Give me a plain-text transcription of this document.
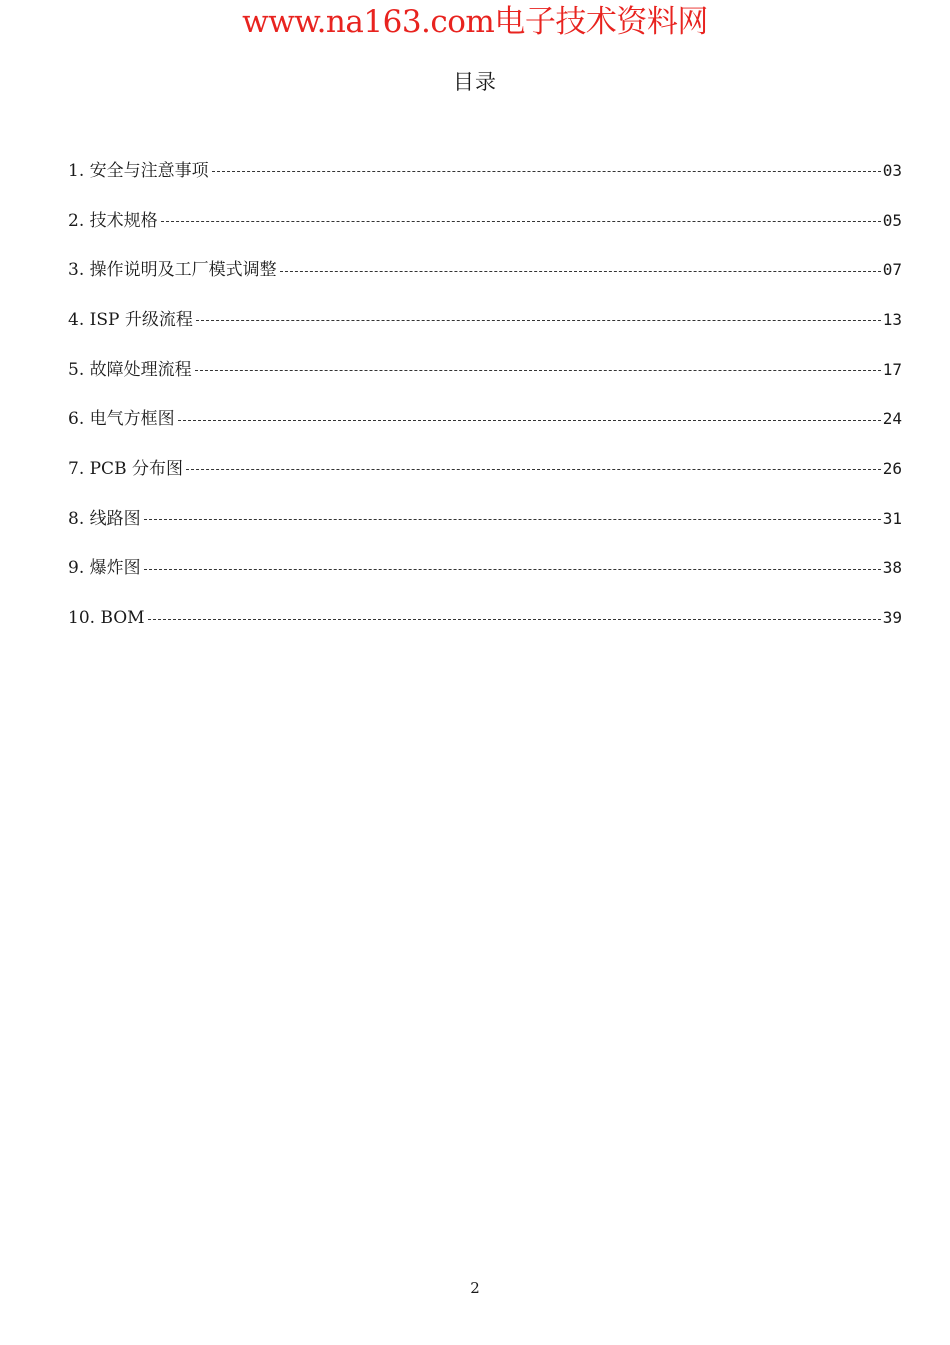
www.na163.com电子技术资料网
目录
1. 安全与注意事项	03
2. 技术规格	05
3. 操作说明及工厂模式调整	07
4. ISP 升级流程	13
5. 故障处理流程	17
6. 电气方框图	24
7. PCB 分布图	26
8. 线路图	31
9. 爆炸图	38
10. BOM	39
2
